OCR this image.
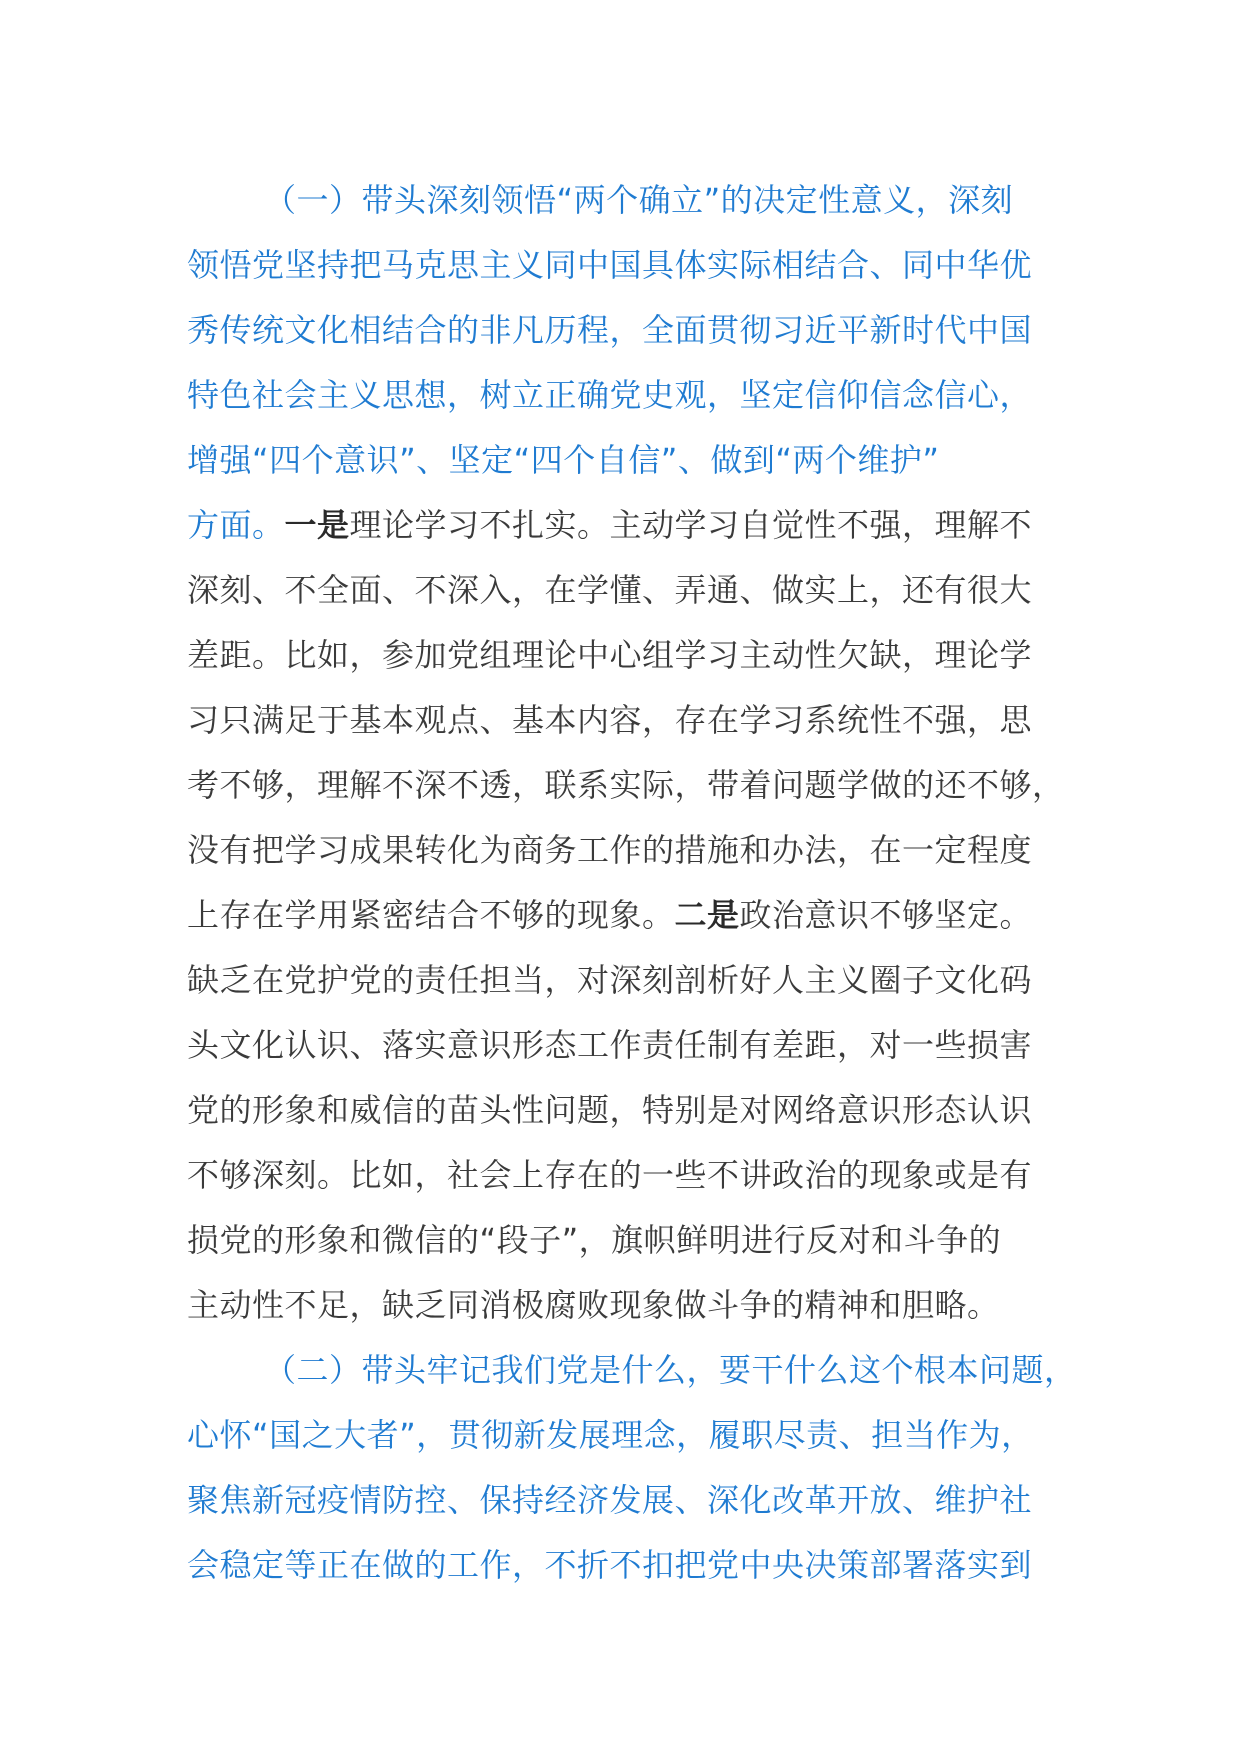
（一）带头深刻领悟“两个确立”的决定性意义，深刻
领悟党坚持把马克思主义同中国具体实际相结合、同中华优
秀传统文化相结合的非凡历程，全面贯彻习近平新时代中国
特色社会主义思想，树立正确党史观，坚定信仰信念信心，
增强“四个意识”、坚定“四个自信”、做到“两个维护”
方面。一是理论学习不扎实。主动学习自觉性不强，理解不
深刻、不全面、不深入，在学懂、弄通、做实上，还有很大
差距。比如，参加党组理论中心组学习主动性欠缺，理论学
习只满足于基本观点、基本内容，存在学习系统性不强，思
考不够，理解不深不透，联系实际，带着问题学做的还不够，
没有把学习成果转化为商务工作的措施和办法，在一定程度
上存在学用紧密结合不够的现象。二是政治意识不够坚定。
缺乏在党护党的责任担当，对深刻剖析好人主义圈子文化码
头文化认识、落实意识形态工作责任制有差距，对一些损害
党的形象和威信的苗头性问题，特别是对网络意识形态认识
不够深刻。比如，社会上存在的一些不讲政治的现象或是有
损党的形象和微信的“段子”，旗帜鲜明进行反对和斗争的
主动性不足，缺乏同消极腐败现象做斗争的精神和胆略。

（二）带头牢记我们党是什么，要干什么这个根本问题，
心怀“国之大者”，贯彻新发展理念，履职尽责、担当作为，
聚焦新冠疫情防控、保持经济发展、深化改革开放、维护社
会稳定等正在做的工作，不折不扣把党中央决策部署落实到
